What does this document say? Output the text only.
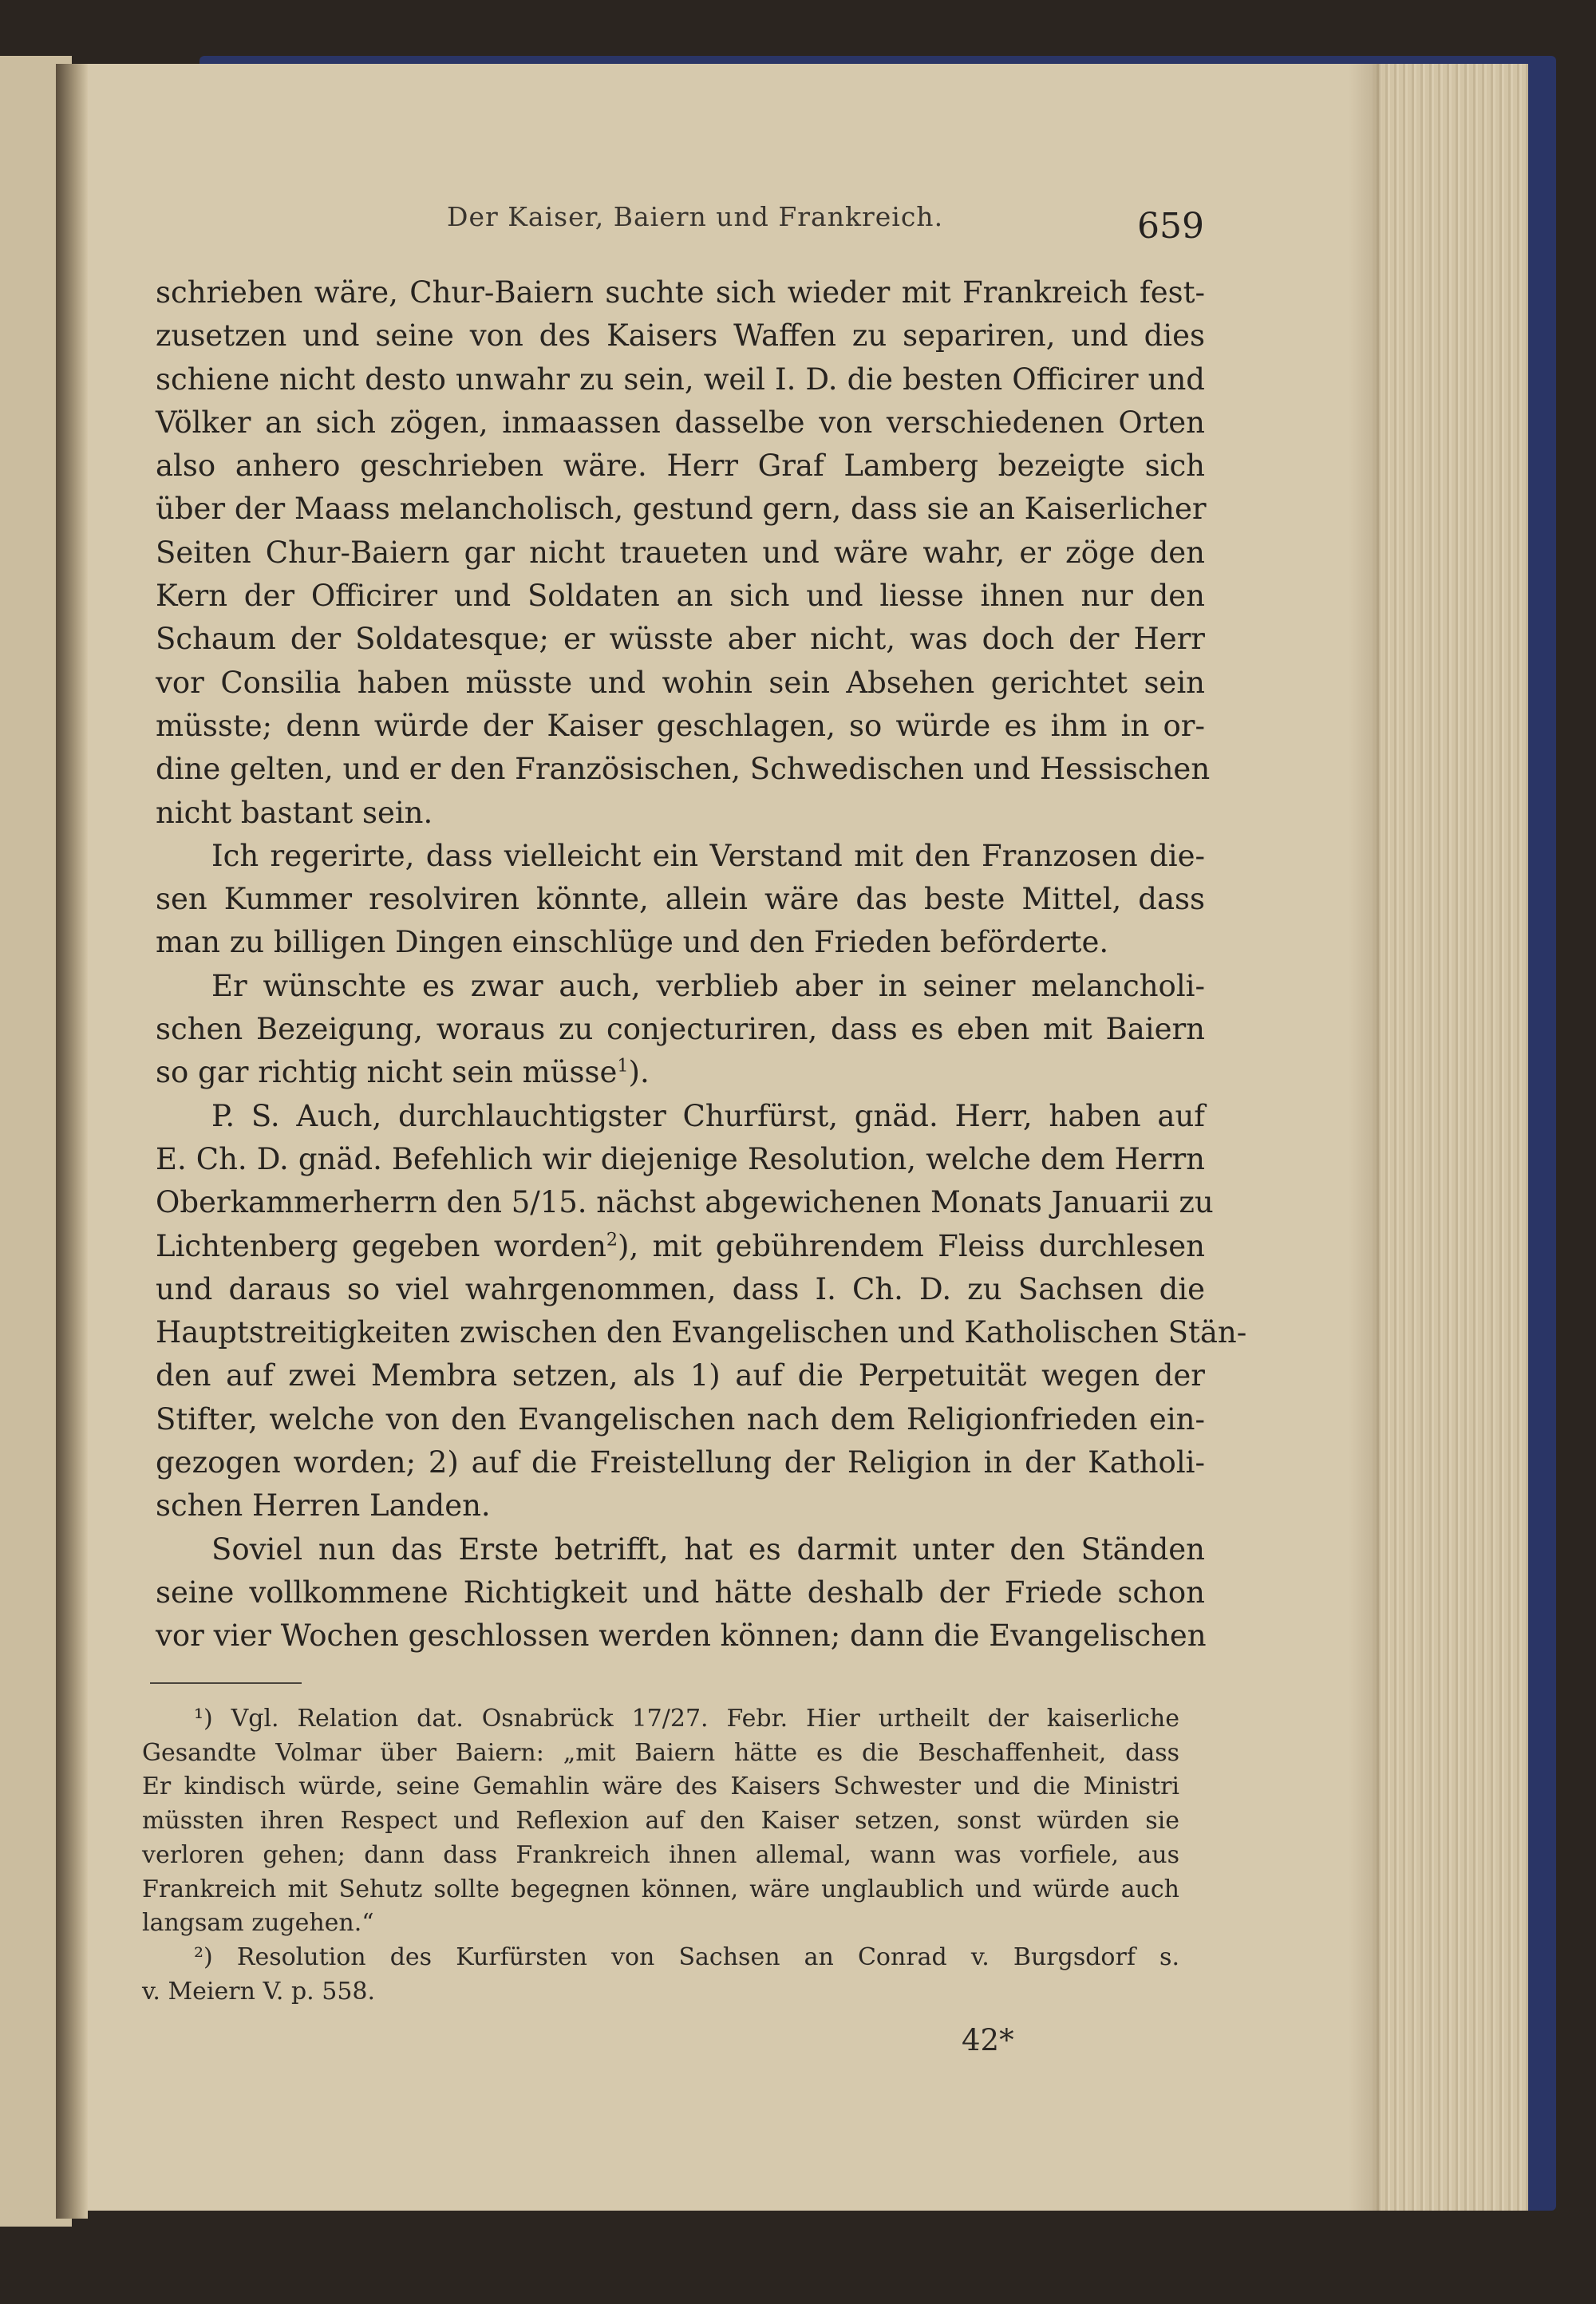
Der Kaiser, Baiern und Frankreich.	659
schrieben wäre, Chur-Baiern suchte sich wieder mit Frankreich fest-
zusetzen und seine von des Kaisers Waffen zu separiren, und dies
schiene nicht desto unwahr zu sein, weil I. D. die besten Officirer und
Völker an sich zögen, inmaassen dasselbe von verschiedenen Orten
also anhero geschrieben wäre. Herr Graf Lamberg bezeigte sich
über der Maass melancholisch, gestund gern, dass sie an Kaiserlicher
Seiten Chur-Baiern gar nicht traueten und wäre wahr, er zöge den
Kern der Officirer und Soldaten an sich und liesse ihnen nur den
Schaum der Soldatesque; er wüsste aber nicht, was doch der Herr
vor Consilia haben müsste und wohin sein Absehen gerichtet sein
müsste; denn würde der Kaiser geschlagen, so würde es ihm in or-
dine gelten, und er den Französischen, Schwedischen und Hessischen
nicht bastant sein.
Ich regerirte, dass vielleicht ein Verstand mit den Franzosen die-
sen Kummer resolviren könnte, allein wäre das beste Mittel, dass
man zu billigen Dingen einschlüge und den Frieden beförderte.
Er wünschte es zwar auch, verblieb aber in seiner melancholi-
schen Bezeigung, woraus zu conjecturiren, dass es eben mit Baiern
so gar richtig nicht sein müsse$^1$).
P. S. Auch, durchlauchtigster Churfürst, gnäd. Herr, haben auf
E. Ch. D. gnäd. Befehlich wir diejenige Resolution, welche dem Herrn
Oberkammerherrn den 5/15. nächst abgewichenen Monats Januarii zu
Lichtenberg gegeben worden$^2$), mit gebührendem Fleiss durchlesen
und daraus so viel wahrgenommen, dass I. Ch. D. zu Sachsen die
Hauptstreitigkeiten zwischen den Evangelischen und Katholischen Stän-
den auf zwei Membra setzen, als 1) auf die Perpetuität wegen der
Stifter, welche von den Evangelischen nach dem Religionfrieden ein-
gezogen worden; 2) auf die Freistellung der Religion in der Katholi-
schen Herren Landen.
Soviel nun das Erste betrifft, hat es darmit unter den Ständen
seine vollkommene Richtigkeit und hätte deshalb der Friede schon
vor vier Wochen geschlossen werden können; dann die Evangelischen
¹) Vgl. Relation dat. Osnabrück 17/27. Febr. Hier urtheilt der kaiserliche
Gesandte Volmar über Baiern: „mit Baiern hätte es die Beschaffenheit, dass
Er kindisch würde, seine Gemahlin wäre des Kaisers Schwester und die Ministri
müssten ihren Respect und Reflexion auf den Kaiser setzen, sonst würden sie
verloren gehen; dann dass Frankreich ihnen allemal, wann was vorfiele, aus
Frankreich mit Sehutz sollte begegnen können, wäre unglaublich und würde auch
langsam zugehen.“
²) Resolution des Kurfürsten von Sachsen an Conrad v. Burgsdorf s.
v. Meiern V. p. 558.
42*
